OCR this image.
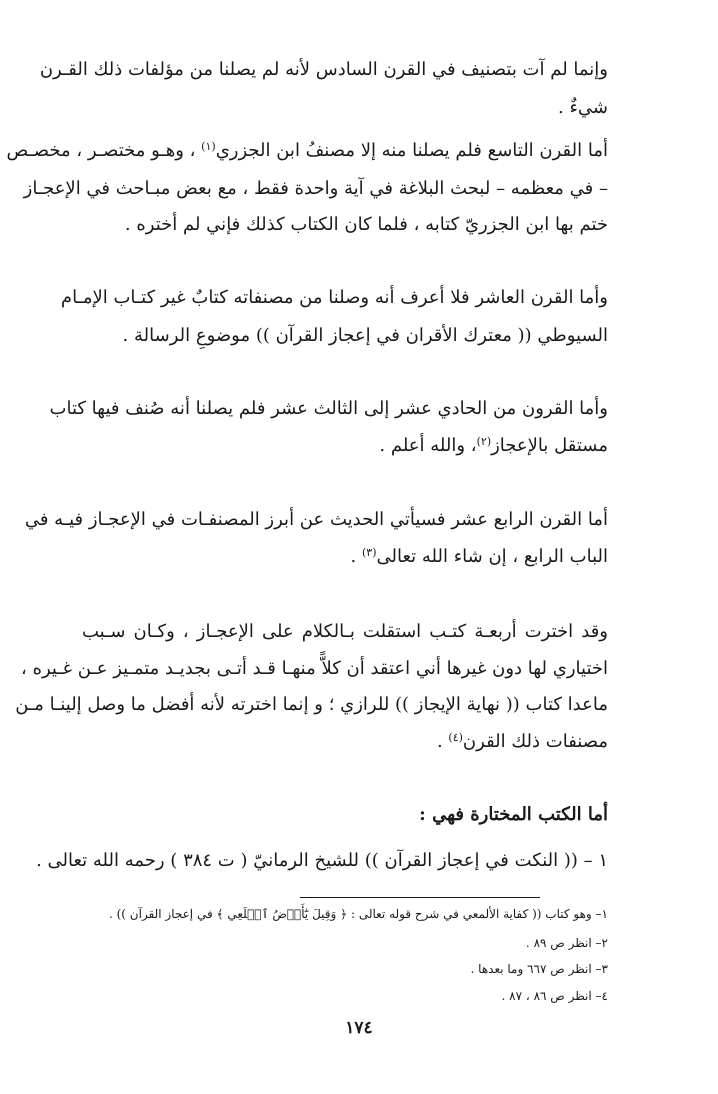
وإنما لم آت بتصنيف في القرن السادس لأنه لم يصلنا من مؤلفات ذلك القـرن
شيءٌ .
أما القرن التاسع فلم يصلنا منه إلا مصنفُ ابن الجزري$^{(١)}$ ، وهـو مختصـر ، مخصـص
– في معظمه – لبحث البلاغة في آية واحدة فقط ، مع بعض مبـاحث في الإعجـاز
ختم بها ابن الجزريّ كتابه ، فلما كان الكتاب كذلك فإني لم أختره .
وأما القرن العاشر فلا أعرف أنه وصلنا من مصنفاته كتابٌ غير كتـاب الإمـام
السيوطي (( معترك الأقران في إعجاز القرآن )) موضوعِ الرسالة .
وأما القرون من الحادي عشر إلى الثالث عشر فلم يصلنا أنه صُنف فيها كتاب
مستقل بالإعجاز$^{(٢)}$، والله أعلم .
أما القرن الرابع عشر فسيأتي الحديث عن أبرز المصنفـات في الإعجـاز فيـه في
الباب الرابع ، إن شاء الله تعالى$^{(٣)}$ .
وقد اخترت أربعـة كتـب استقلت بـالكلام على الإعجـاز ، وكـان سـبب
اختياري لها دون غيرها أني اعتقد أن كلاًّ منهـا قـد أتـى بجديـد متمـيز عـن غـيره ،
ماعدا كتاب (( نهاية الإيجاز )) للرازي ؛ و إنما اخترته لأنه أفضل ما وصل إلينـا مـن
مصنفات ذلك القرن$^{(٤)}$ .
أما الكتب المختارة فهي :
١ – (( النكت في إعجاز القرآن )) للشيخ الرمانيّ ( ت ٣٨٤ ) رحمه الله تعالى .
١– وهو كتاب (( كفاية الألمعي في شرح قوله تعالى : ﴿ وَقِيلَ يَٰٓأَرۡضُ ٱبۡلَعِي ﴾ في إعجاز القرآن )) .
٢– انظر ص ٨٩ .
٣– انظر ص ٦٦٧ وما بعدها .
٤– انظر ص ٨٦ ، ٨٧ .
١٧٤
